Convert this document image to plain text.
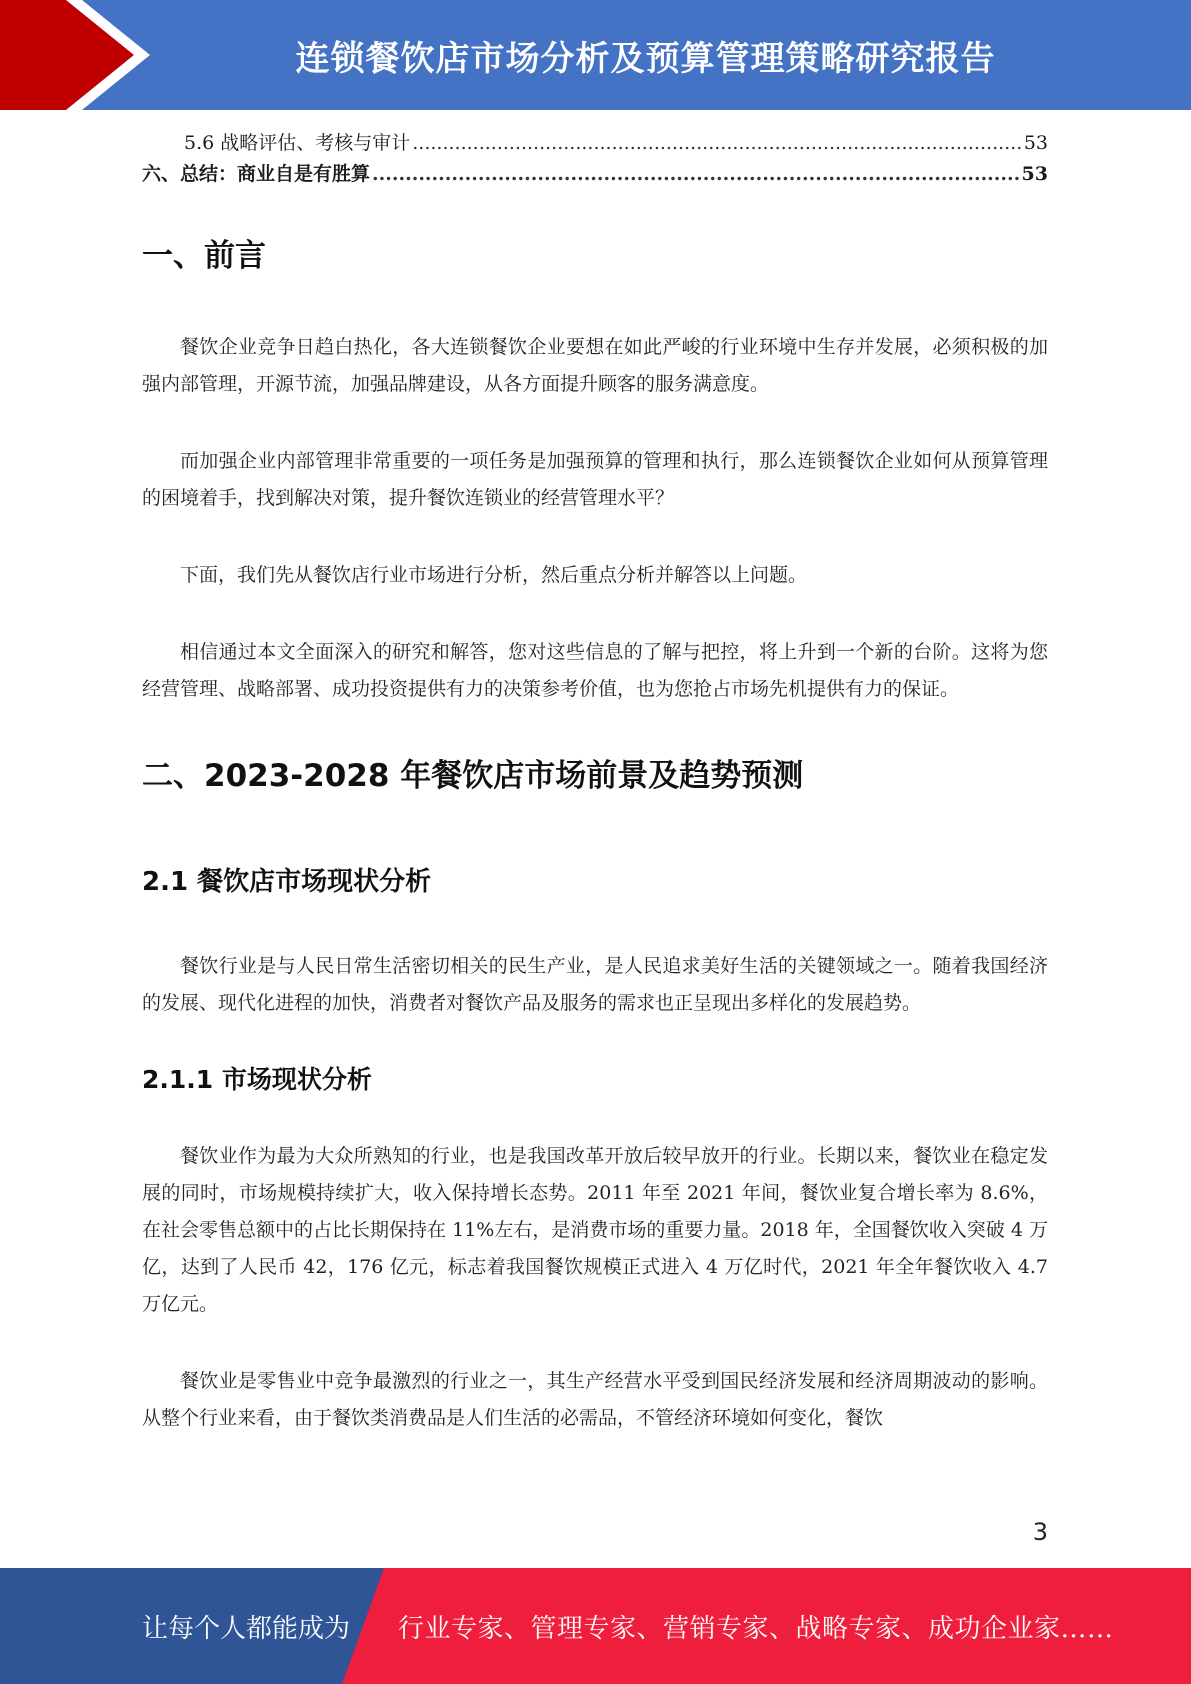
连锁餐饮店市场分析及预算管理策略研究报告
5.6 战略评估、考核与审计 .....	53
六、总结：商业自是有胜算 .....	53
一、前言

餐饮企业竞争日趋白热化，各大连锁餐饮企业要想在如此严峻的行业环境中生存并发展，必须积极的加强内部管理，开源节流，加强品牌建设，从各方面提升顾客的服务满意度。

而加强企业内部管理非常重要的一项任务是加强预算的管理和执行，那么连锁餐饮企业如何从预算管理的困境着手，找到解决对策，提升餐饮连锁业的经营管理水平？

下面，我们先从餐饮店行业市场进行分析，然后重点分析并解答以上问题。

相信通过本文全面深入的研究和解答，您对这些信息的了解与把控，将上升到一个新的台阶。这将为您经营管理、战略部署、成功投资提供有力的决策参考价值，也为您抢占市场先机提供有力的保证。

二、2023-2028 年餐饮店市场前景及趋势预测
2.1 餐饮店市场现状分析

餐饮行业是与人民日常生活密切相关的民生产业，是人民追求美好生活的关键领域之一。随着我国经济的发展、现代化进程的加快，消费者对餐饮产品及服务的需求也正呈现出多样化的发展趋势。

2.1.1 市场现状分析

餐饮业作为最为大众所熟知的行业，也是我国改革开放后较早放开的行业。长期以来，餐饮业在稳定发展的同时，市场规模持续扩大，收入保持增长态势。2011 年至 2021 年间，餐饮业复合增长率为 8.6%，在社会零售总额中的占比长期保持在 11%左右，是消费市场的重要力量。2018 年，全国餐饮收入突破 4 万亿，达到了人民币 42，176 亿元，标志着我国餐饮规模正式进入 4 万亿时代，2021 年全年餐饮收入 4.7 万亿元。

餐饮业是零售业中竞争最激烈的行业之一，其生产经营水平受到国民经济发展和经济周期波动的影响。从整个行业来看，由于餐饮类消费品是人们生活的必需品，不管经济环境如何变化，餐饮

3
让每个人都能成为 行业专家、管理专家、营销专家、战略专家、成功企业家……
